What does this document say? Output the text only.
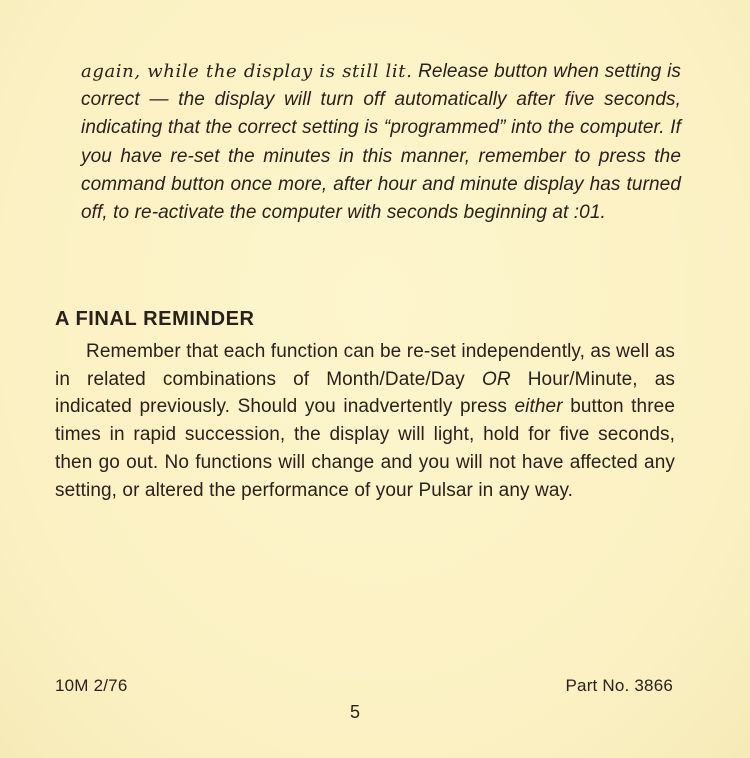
again, while the display is still lit. Release button when setting is correct — the display will turn off automatically after five seconds, indicating that the correct setting is “programmed” into the computer. If you have re-set the minutes in this manner, remember to press the command button once more, after hour and minute display has turned off, to re-activate the computer with seconds beginning at :01.

A FINAL REMINDER

Remember that each function can be re-set independently, as well as in related combinations of Month/Date/Day OR Hour/Minute, as indicated previously. Should you inadvertently press either button three times in rapid succession, the display will light, hold for five seconds, then go out. No functions will change and you will not have affected any setting, or altered the performance of your Pulsar in any way.

10M 2/76	Part No. 3866
5
